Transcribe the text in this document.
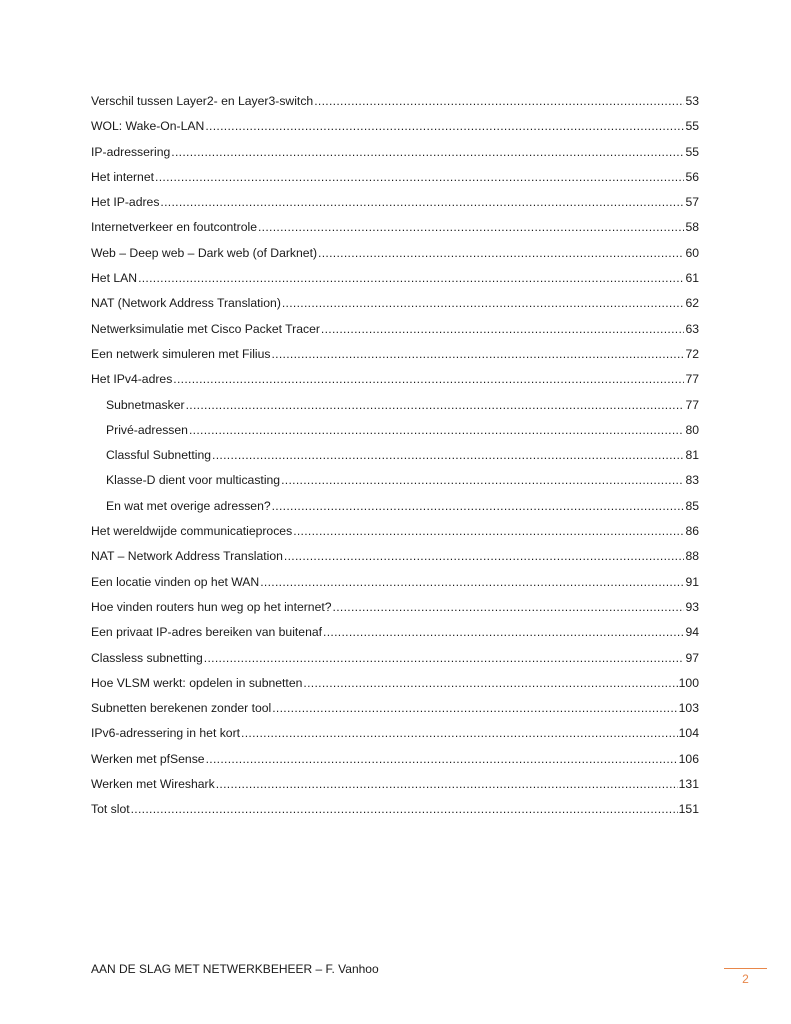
Verschil tussen Layer2- en Layer3-switch .....	53
WOL: Wake-On-LAN .....	55
IP-adressering .....	55
Het internet .....	56
Het IP-adres .....	57
Internetverkeer en foutcontrole .....	58
Web – Deep web – Dark web (of Darknet) .....	60
Het LAN .....	61
NAT (Network Address Translation) .....	62
Netwerksimulatie met Cisco Packet Tracer .....	63
Een netwerk simuleren met Filius .....	72
Het IPv4-adres .....	77
Subnetmasker .....	77
Privé-adressen .....	80
Classful Subnetting .....	81
Klasse-D dient voor multicasting .....	83
En wat met overige adressen? .....	85
Het wereldwijde communicatieproces .....	86
NAT – Network Address Translation .....	88
Een locatie vinden op het WAN .....	91
Hoe vinden routers hun weg op het internet? .....	93
Een privaat IP-adres bereiken van buitenaf .....	94
Classless subnetting .....	97
Hoe VLSM werkt: opdelen in subnetten .....	100
Subnetten berekenen zonder tool .....	103
IPv6-adressering in het kort .....	104
Werken met pfSense .....	106
Werken met Wireshark .....	131
Tot slot .....	151
AAN DE SLAG MET NETWERKBEHEER – F. Vanhoo
2
